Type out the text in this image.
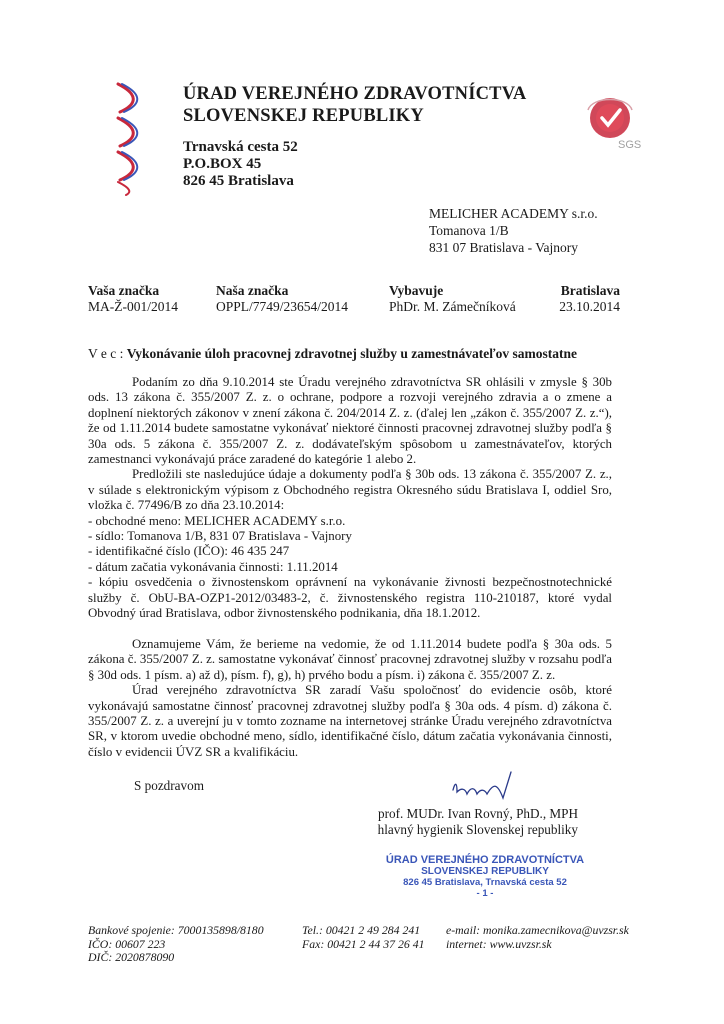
ÚRAD VEREJNÉHO ZDRAVOTNÍCTVA
SLOVENSKEJ REPUBLIKY
Trnavská cesta 52
P.O.BOX 45
826 45 Bratislava
SGS
MELICHER ACADEMY s.r.o.
Tomanova 1/B
831 07 Bratislava - Vajnory
Vaša značka
MA-Ž-001/2014
Naša značka
OPPL/7749/23654/2014
Vybavuje
PhDr. M. Zámečníková
Bratislava
23.10.2014
V e c : Vykonávanie úloh pracovnej zdravotnej služby u zamestnávateľov samostatne

Podaním zo dňa 9.10.2014 ste Úradu verejného zdravotníctva SR ohlásili v zmysle § 30b ods. 13 zákona č. 355/2007 Z. z. o ochrane, podpore a rozvoji verejného zdravia a o zmene a doplnení niektorých zákonov v znení zákona č. 204/2014 Z. z. (ďalej len „zákon č. 355/2007 Z. z.“), že od 1.11.2014 budete samostatne vykonávať niektoré činnosti pracovnej zdravotnej služby podľa § 30a ods. 5 zákona č. 355/2007 Z. z. dodávateľským spôsobom u zamestnávateľov, ktorých zamestnanci vykonávajú práce zaradené do kategórie 1 alebo 2.

Predložili ste nasledujúce údaje a dokumenty podľa § 30b ods. 13 zákona č. 355/2007 Z. z., v súlade s elektronickým výpisom z Obchodného registra Okresného súdu Bratislava I, oddiel Sro, vložka č. 77496/B zo dňa 23.10.2014:

- obchodné meno: MELICHER ACADEMY s.r.o.

- sídlo: Tomanova 1/B, 831 07 Bratislava - Vajnory

- identifikačné číslo (IČO): 46 435 247

- dátum začatia vykonávania činnosti: 1.11.2014

- kópiu osvedčenia o živnostenskom oprávnení na vykonávanie živnosti bezpečnostnotechnické služby č. ObU-BA-OZP1-2012/03483-2, č. živnostenského registra 110-210187, ktoré vydal Obvodný úrad Bratislava, odbor živnostenského podnikania, dňa 18.1.2012.

Oznamujeme Vám, že berieme na vedomie, že od 1.11.2014 budete podľa § 30a ods. 5 zákona č. 355/2007 Z. z. samostatne vykonávať činnosť pracovnej zdravotnej služby v rozsahu podľa § 30d ods. 1 písm. a) až d), písm. f), g), h) prvého bodu a písm. i) zákona č. 355/2007 Z. z.

Úrad verejného zdravotníctva SR zaradí Vašu spoločnosť do evidencie osôb, ktoré vykonávajú samostatne činnosť pracovnej zdravotnej služby podľa § 30a ods. 4 písm. d) zákona č. 355/2007 Z. z. a uverejní ju v tomto zozname na internetovej stránke Úradu verejného zdravotníctva SR, v ktorom uvedie obchodné meno, sídlo, identifikačné číslo, dátum začatia vykonávania činnosti, číslo v evidencii ÚVZ SR a kvalifikáciu.

S pozdravom
prof. MUDr. Ivan Rovný, PhD., MPH
hlavný hygienik Slovenskej republiky
ÚRAD VEREJNÉHO ZDRAVOTNÍCTVA
SLOVENSKEJ REPUBLIKY
826 45 Bratislava, Trnavská cesta 52
- 1 -
Bankové spojenie: 7000135898/8180
IČO: 00607 223
DIČ: 2020878090
Tel.: 00421 2 49 284 241
Fax: 00421 2 44 37 26 41
e-mail: monika.zamecnikova@uvzsr.sk
internet: www.uvzsr.sk
